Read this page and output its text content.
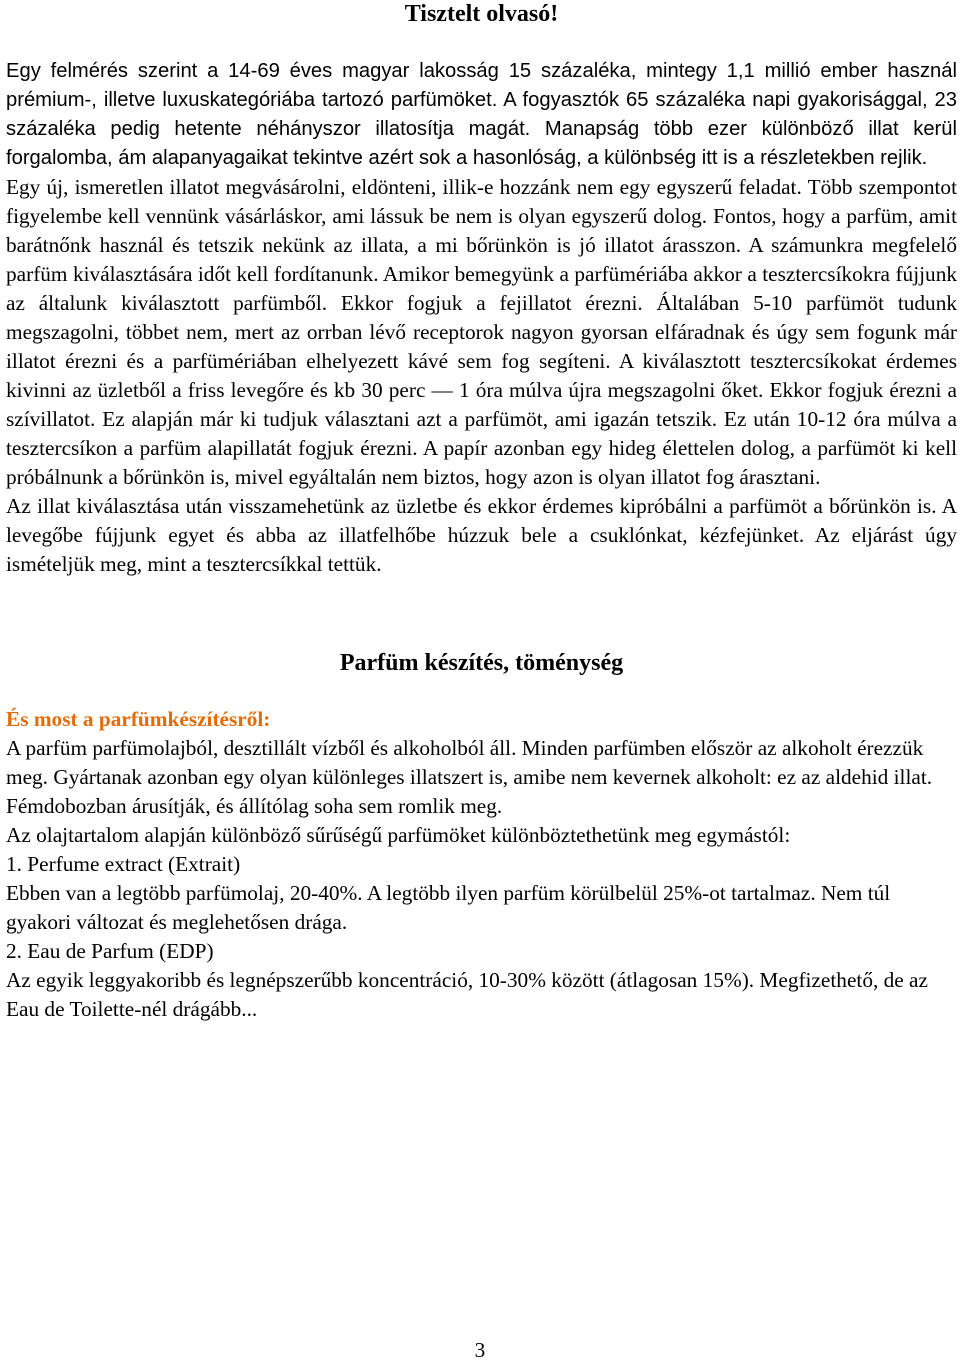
Tisztelt olvasó!

Egy felmérés szerint a 14-69 éves magyar lakosság 15 százaléka, mintegy 1,1 millió ember használ prémium-, illetve luxuskategóriába tartozó parfümöket. A fogyasztók 65 százaléka napi gyakorisággal, 23 százaléka pedig hetente néhányszor illatosítja magát. Manapság több ezer különböző illat kerül forgalomba, ám alapanyagaikat tekintve azért sok a hasonlóság, a különbség itt is a részletekben rejlik.

Egy új, ismeretlen illatot megvásárolni, eldönteni, illik-e hozzánk nem egy egyszerű feladat. Több szempontot figyelembe kell vennünk vásárláskor, ami lássuk be nem is olyan egyszerű dolog. Fontos, hogy a parfüm, amit barátnőnk használ és tetszik nekünk az illata, a mi bőrünkön is jó illatot árasszon. A számunkra megfelelő parfüm kiválasztására időt kell fordítanunk. Amikor bemegyünk a parfümériába akkor a tesztercsíkokra fújjunk az általunk kiválasztott parfümből. Ekkor fogjuk a fejillatot érezni. Általában 5-10 parfümöt tudunk megszagolni, többet nem, mert az orrban lévő receptorok nagyon gyorsan elfáradnak és úgy sem fogunk már illatot érezni és a parfümériában elhelyezett kávé sem fog segíteni. A kiválasztott tesztercsíkokat érdemes kivinni az üzletből a friss levegőre és kb 30 perc — 1 óra múlva újra megszagolni őket. Ekkor fogjuk érezni a szívillatot. Ez alapján már ki tudjuk választani azt a parfümöt, ami igazán tetszik. Ez után 10-12 óra múlva a tesztercsíkon a parfüm alapillatát fogjuk érezni. A papír azonban egy hideg élettelen dolog, a parfümöt ki kell próbálnunk a bőrünkön is, mivel egyáltalán nem biztos, hogy azon is olyan illatot fog árasztani.

Az illat kiválasztása után visszamehetünk az üzletbe és ekkor érdemes kipróbálni a parfümöt a bőrünkön is. A levegőbe fújjunk egyet és abba az illatfelhőbe húzzuk bele a csuklónkat, kézfejünket. Az eljárást úgy ismételjük meg, mint a tesztercsíkkal tettük.

Parfüm készítés, töménység

És most a parfümkészítésről:

A parfüm parfümolajból, desztillált vízből és alkoholból áll. Minden parfümben először az alkoholt érezzük meg. Gyártanak azonban egy olyan különleges illatszert is, amibe nem kevernek alkoholt: ez az aldehid illat. Fémdobozban árusítják, és állítólag soha sem romlik meg.

Az olajtartalom alapján különböző sűrűségű parfümöket különböztethetünk meg egymástól:

1. Perfume extract (Extrait)

Ebben van a legtöbb parfümolaj, 20-40%. A legtöbb ilyen parfüm körülbelül 25%-ot tartalmaz. Nem túl gyakori változat és meglehetősen drága.

2. Eau de Parfum (EDP)

Az egyik leggyakoribb és legnépszerűbb koncentráció, 10-30% között (átlagosan 15%). Megfizethető, de az Eau de Toilette-nél drágább...

3
